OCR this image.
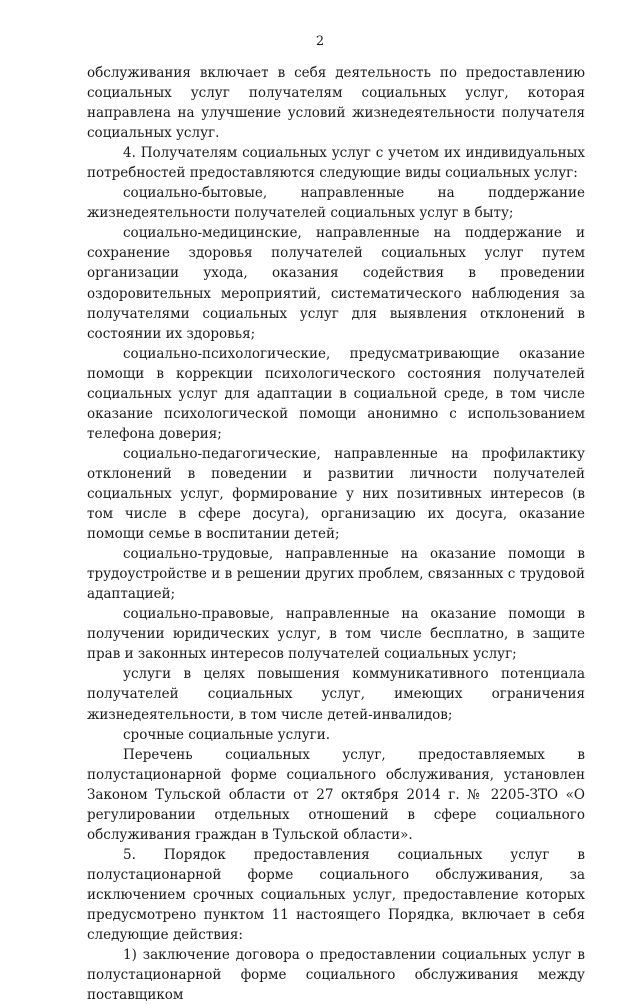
2

обслуживания включает в себя деятельность по предоставлению социальных услуг получателям социальных услуг, которая направлена на улучшение условий жизнедеятельности получателя социальных услуг.

4. Получателям социальных услуг с учетом их индивидуальных потребностей предоставляются следующие виды социальных услуг:

социально-бытовые, направленные на поддержание жизнедеятельности получателей социальных услуг в быту;

социально-медицинские, направленные на поддержание и сохранение здоровья получателей социальных услуг путем организации ухода, оказания содействия в проведении оздоровительных мероприятий, систематического наблюдения за получателями социальных услуг для выявления отклонений в состоянии их здоровья;

социально-психологические, предусматривающие оказание помощи в коррекции психологического состояния получателей социальных услуг для адаптации в социальной среде, в том числе оказание психологической помощи анонимно с использованием телефона доверия;

социально-педагогические, направленные на профилактику отклонений в поведении и развитии личности получателей социальных услуг, формирование у них позитивных интересов (в том числе в сфере досуга), организацию их досуга, оказание помощи семье в воспитании детей;

социально-трудовые, направленные на оказание помощи в трудоустройстве и в решении других проблем, связанных с трудовой адаптацией;

социально-правовые, направленные на оказание помощи в получении юридических услуг, в том числе бесплатно, в защите прав и законных интересов получателей социальных услуг;

услуги в целях повышения коммуникативного потенциала получателей социальных услуг, имеющих ограничения жизнедеятельности, в том числе детей-инвалидов;

срочные социальные услуги.

Перечень социальных услуг, предоставляемых в полустационарной форме социального обслуживания, установлен Законом Тульской области от 27 октября 2014 г. № 2205-ЗТО «О регулировании отдельных отношений в сфере социального обслуживания граждан в Тульской области».

5. Порядок предоставления социальных услуг в полустационарной форме социального обслуживания, за исключением срочных социальных услуг, предоставление которых предусмотрено пунктом 11 настоящего Порядка, включает в себя следующие действия:

1) заключение договора о предоставлении социальных услуг в полустационарной форме социального обслуживания между поставщиком
